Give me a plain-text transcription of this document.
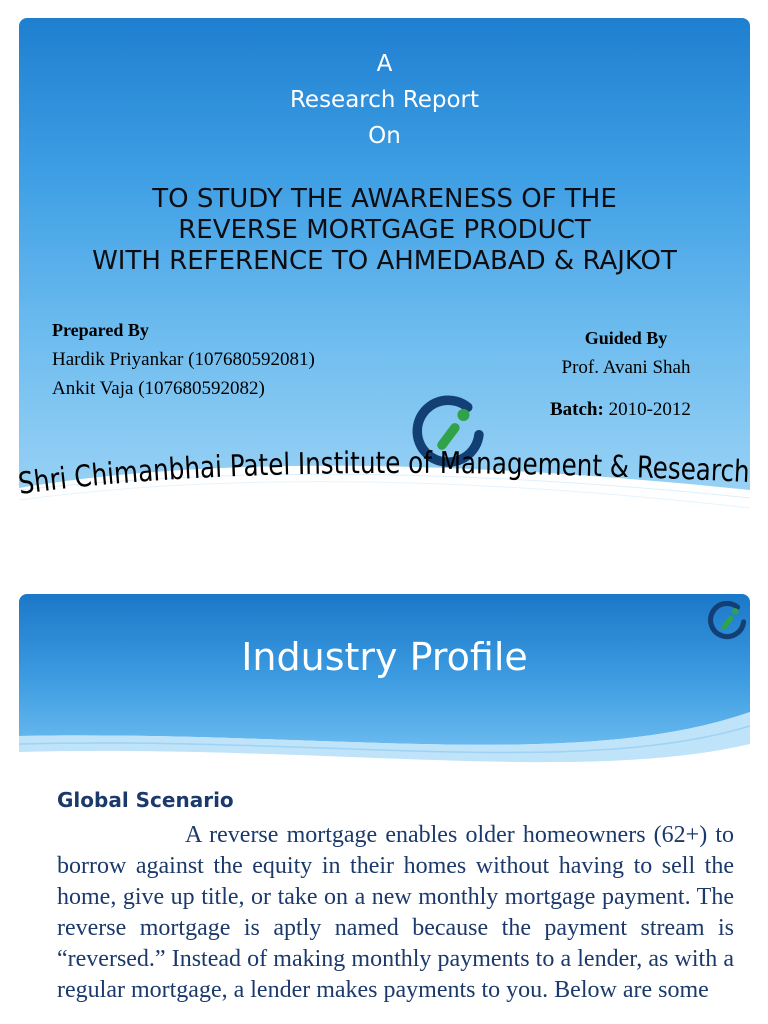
A
Research Report
On
TO STUDY THE AWARENESS OF THE
REVERSE MORTGAGE PRODUCT
WITH REFERENCE TO AHMEDABAD & RAJKOT
Prepared By
Hardik Priyankar (107680592081)
Ankit Vaja (107680592082)
Guided By
Prof. Avani Shah
Batch: 2010-2012
Shri Chimanbhai Patel Institute of Management & Research
Industry Profile
Global Scenario
A reverse mortgage enables older homeowners (62+) to borrow against the equity in their homes without having to sell the home, give up title, or take on a new monthly mortgage payment. The reverse mortgage is aptly named because the payment stream is “reversed.” Instead of making monthly payments to a lender, as with a regular mortgage, a lender makes payments to you. Below are some
